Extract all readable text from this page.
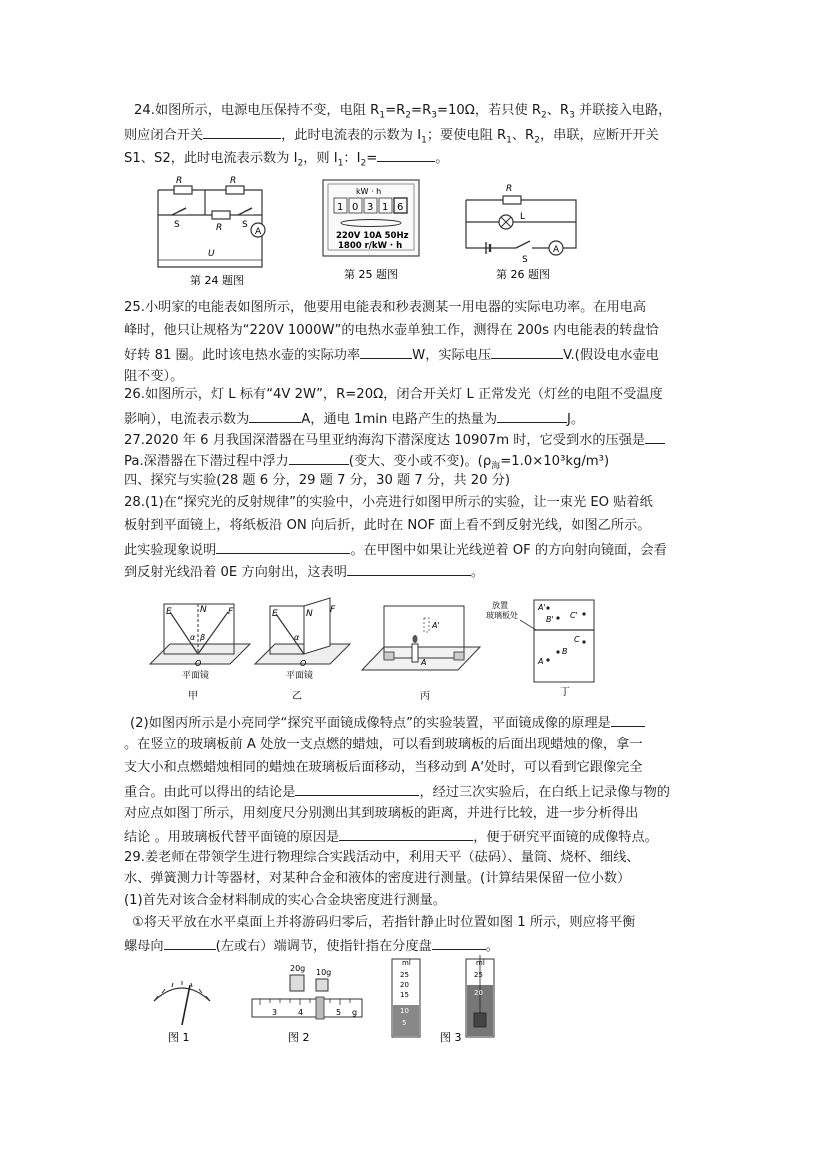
24.如图所示，电源电压保持不变，电阻 $R_1=R_2=R_3=10\Omega$，若只使 $R_2$、$R_3$ 并联接入电路，
则应闭合开关	，此时电流表的示数为 $I_1$；要使电阻 $R_1$、$R_2$，串联，应断开开关
S1、S2，此时电流表示数为 $I_2$，则 $I_1$：$I_2=$	。
A
R	R
R
S	S
U
第 24 题图
kW · h
1 0 3 1 6
220V 10A 50Hz
1800 r/kW · h
第 25 题图
R
L
S
A
第 26 题图
25.小明家的电能表如图所示，他要用电能表和秒表测某一用电器的实际电功率。在用电高
峰时，他只让规格为“220V 1000W”的电热水壶单独工作，测得在 200s 内电能表的转盘恰
好转 81 圈。此时该电热水壶的实际功率	W，实际电压	V.(假设电水壶电
阻不变）。
26.如图所示，灯 L 标有“4V 2W”，R=20Ω，闭合开关灯 L 正常发光（灯丝的电阻不受温度
影响），电流表示数为	A，通电 1min 电路产生的热量为	J。
27.2020 年 6 月我国深潜器在马里亚纳海沟下潜深度达 10907m 时，它受到水的压强是
Pa.深潜器在下潜过程中浮力	(变大、变小或不变)。$(\rho_海=1.0\times 10^3kg/m^3)$
四、探究与实验(28 题 6 分，29 题 7 分，30 题 7 分，共 20 分)
28.(1)在“探究光的反射规律”的实验中，小亮进行如图甲所示的实验，让一束光 EO 贴着纸
板射到平面镜上，将纸板沿 ON 向后折，此时在 NOF 面上看不到反射光线，如图乙所示。
此实验现象说明	。在甲图中如果让光线逆着 OF 的方向射向镜面，会看
到反射光线沿着 0E 方向射出，这表明	。
E	N F
α β
O
平面镜
甲
E	N F
α
O
平面镜
乙
A'
A
丙
放置
玻璃板处
A'
B' C'
C
B
A
丁
(2)如图丙所示是小亮同学“探究平面镜成像特点”的实验装置，平面镜成像的原理是
。在竖立的玻璃板前 A 处放一支点燃的蜡烛，可以看到玻璃板的后面出现蜡烛的像，拿一
支大小和点燃蜡烛相同的蜡烛在玻璃板后面移动，当移动到 A‘处时，可以看到它跟像完全
重合。由此可以得出的结论是	，经过三次实验后，在白纸上记录像与物的
对应点如图丁所示，用刻度尺分别测出其到玻璃板的距离，并进行比较，进一步分析得出
结论 。用玻璃板代替平面镜的原因是	，便于研究平面镜的成像特点。
29.姜老师在带领学生进行物理综合实践活动中，利用天平（砝码）、量筒、烧杯、细线、
水、弹簧测力计等器材，对某种合金和液体的密度进行测量。(计算结果保留一位小数）
(1)首先对该合金材料制成的实心合金块密度进行测量。
①将天平放在水平桌面上并将游码归零后，若指针静止时位置如图 1 所示，则应将平衡
螺母向	(左或右）端调节，使指针指在分度盘	。
图 1
20g 10g
3	4	5 g
图 2
ml
25
20
15
10
5
ml
25
20
图 3
